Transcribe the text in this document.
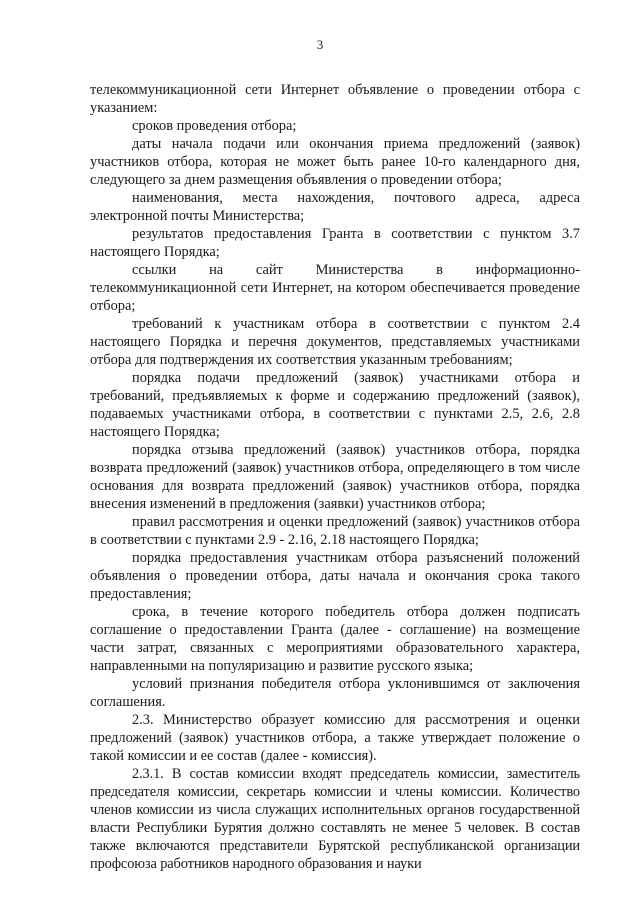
3

телекоммуникационной сети Интернет объявление о проведении отбора с указанием:

сроков проведения отбора;

даты начала подачи или окончания приема предложений (заявок) участников отбора, которая не может быть ранее 10-го календарного дня, следующего за днем размещения объявления о проведении отбора;

наименования, места нахождения, почтового адреса, адреса электронной почты Министерства;

результатов предоставления Гранта в соответствии с пунктом 3.7 настоящего Порядка;

ссылки на сайт Министерства в информационно-телекоммуникационной сети Интернет, на котором обеспечивается проведение отбора;

требований к участникам отбора в соответствии с пунктом 2.4 настоящего Порядка и перечня документов, представляемых участниками отбора для подтверждения их соответствия указанным требованиям;

порядка подачи предложений (заявок) участниками отбора и требований, предъявляемых к форме и содержанию предложений (заявок), подаваемых участниками отбора, в соответствии с пунктами 2.5, 2.6, 2.8 настоящего Порядка;

порядка отзыва предложений (заявок) участников отбора, порядка возврата предложений (заявок) участников отбора, определяющего в том числе основания для возврата предложений (заявок) участников отбора, порядка внесения изменений в предложения (заявки) участников отбора;

правил рассмотрения и оценки предложений (заявок) участников отбора в соответствии с пунктами 2.9 - 2.16, 2.18 настоящего Порядка;

порядка предоставления участникам отбора разъяснений положений объявления о проведении отбора, даты начала и окончания срока такого предоставления;

срока, в течение которого победитель отбора должен подписать соглашение о предоставлении Гранта (далее - соглашение) на возмещение части затрат, связанных с мероприятиями образовательного характера, направленными на популяризацию и развитие русского языка;

условий признания победителя отбора уклонившимся от заключения соглашения.

2.3. Министерство образует комиссию для рассмотрения и оценки предложений (заявок) участников отбора, а также утверждает положение о такой комиссии и ее состав (далее - комиссия).

2.3.1. В состав комиссии входят председатель комиссии, заместитель председателя комиссии, секретарь комиссии и члены комиссии. Количество членов комиссии из числа служащих исполнительных органов государственной власти Республики Бурятия должно составлять не менее 5 человек. В состав также включаются представители Бурятской республиканской организации профсоюза работников народного образования и науки
